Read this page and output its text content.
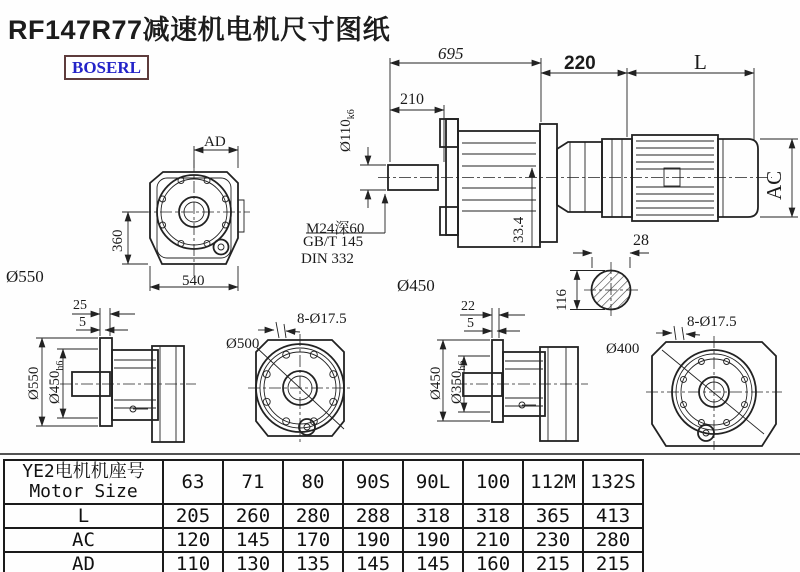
RF147R77减速机电机尺寸图纸
BOSERL
695	220	L
210
$Ø110_{k6}$
33.4
M24深60
GB/T 145
DIN 332
AC
28
116
Ø450
AD
360
540
Ø550
25
5
Ø550 $Ø450_{h6}$
8-Ø17.5
Ø500
22
5
Ø450 $Ø350_{h6}$
8-Ø17.5
Ø400
YE2电机机座号
Motor Size	63	71	80	90S	90L	100	112M	132S
L	205	260	280	288	318	318	365	413
AC	120	145	170	190	190	210	230	280
AD	110	130	135	145	145	160	215	215
